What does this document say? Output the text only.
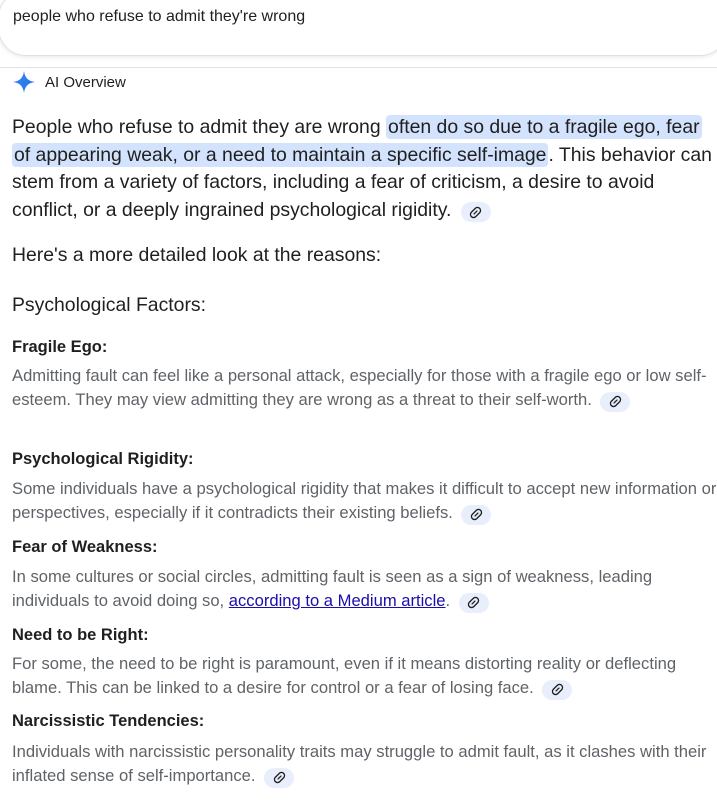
people who refuse to admit they're wrong
AI Overview
People who refuse to admit they are wrong often do so due to a fragile ego, fear of appearing weak, or a need to maintain a specific self-image . This behavior can stem from a variety of factors, including a fear of criticism, a desire to avoid conflict, or a deeply ingrained psychological rigidity.
Here's a more detailed look at the reasons:
Psychological Factors:
Fragile Ego:
Admitting fault can feel like a personal attack, especially for those with a fragile ego or low self-esteem. They may view admitting they are wrong as a threat to their self-worth.
Psychological Rigidity:
Some individuals have a psychological rigidity that makes it difficult to accept new information or perspectives, especially if it contradicts their existing beliefs.
Fear of Weakness:
In some cultures or social circles, admitting fault is seen as a sign of weakness, leading individuals to avoid doing so, according to a Medium article.
Need to be Right:
For some, the need to be right is paramount, even if it means distorting reality or deflecting blame. This can be linked to a desire for control or a fear of losing face.
Narcissistic Tendencies:
Individuals with narcissistic personality traits may struggle to admit fault, as it clashes with their inflated sense of self-importance.
